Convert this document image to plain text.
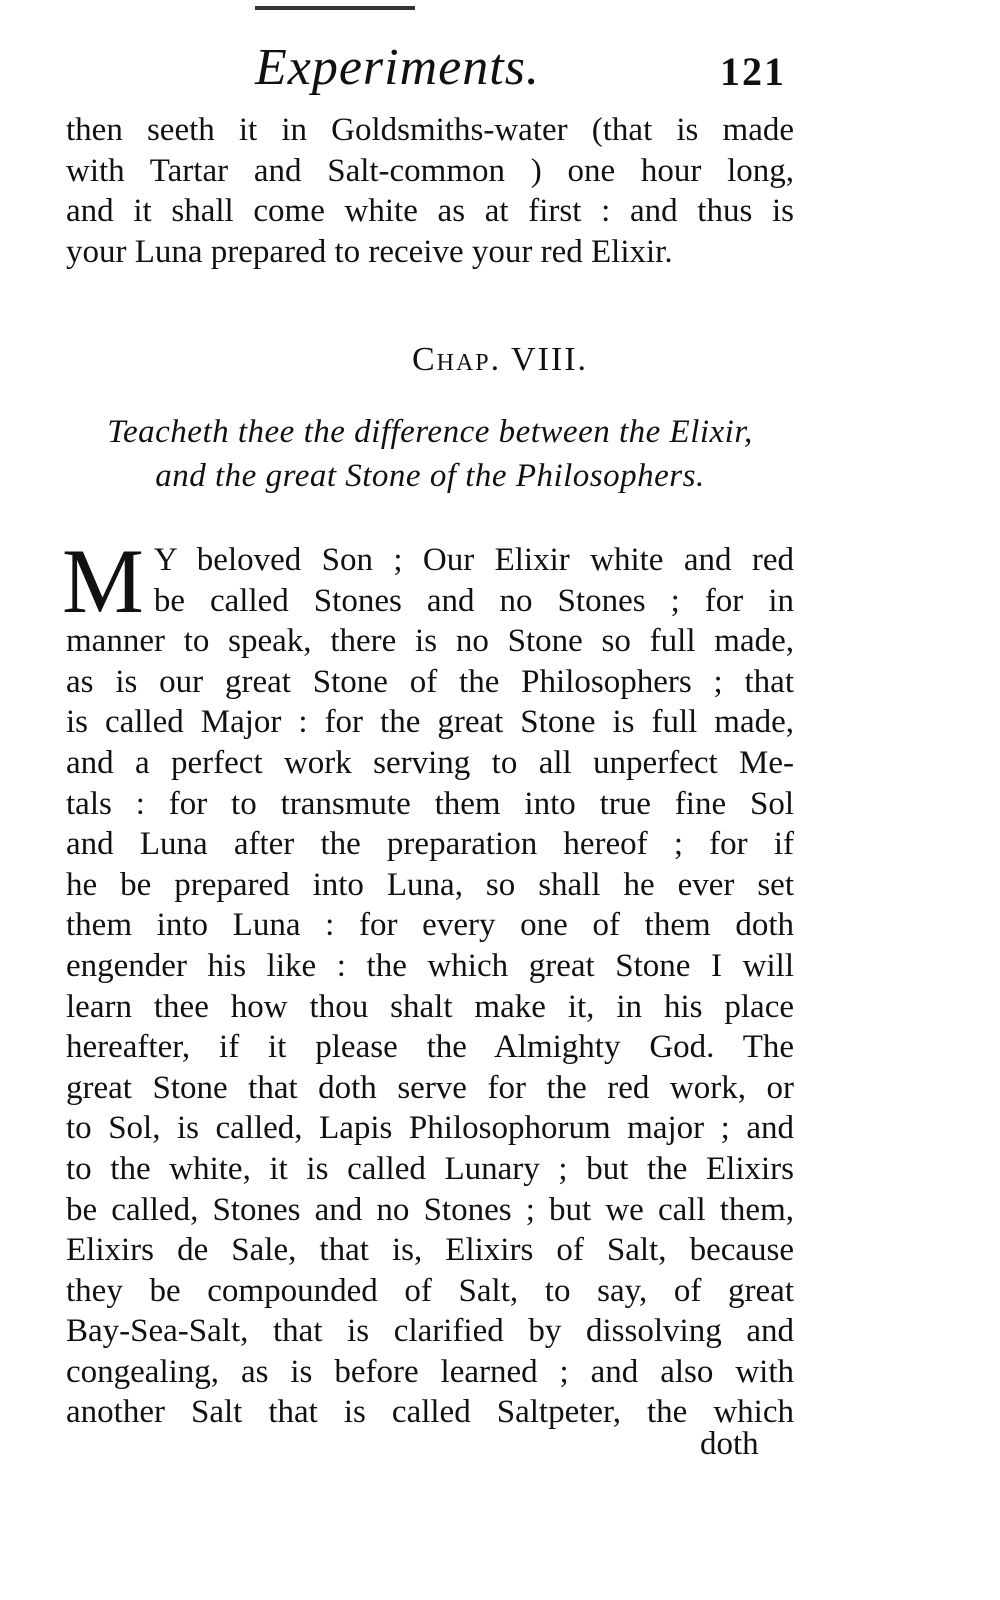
Experiments.	121
then seeth it in Goldsmiths-water (that is made
with Tartar and Salt-common ) one hour long,
and it shall come white as at first : and thus is
your Luna prepared to receive your red Elixir.
Chap. VIII.
Teacheth thee the difference between the Elixir,
and the great Stone of the Philosophers.
M Y beloved Son ; Our Elixir white and red
be called Stones and no Stones ; for in
manner to speak, there is no Stone so full made,
as is our great Stone of the Philosophers ; that
is called Major : for the great Stone is full made,
and a perfect work serving to all unperfect Me-
tals : for to transmute them into true fine Sol
and Luna after the preparation hereof ; for if
he be prepared into Luna, so shall he ever set
them into Luna : for every one of them doth
engender his like : the which great Stone I will
learn thee how thou shalt make it, in his place
hereafter, if it please the Almighty God. The
great Stone that doth serve for the red work, or
to Sol, is called, Lapis Philosophorum major ; and
to the white, it is called Lunary ; but the Elixirs
be called, Stones and no Stones ; but we call them,
Elixirs de Sale, that is, Elixirs of Salt, because
they be compounded of Salt, to say, of great
Bay-Sea-Salt, that is clarified by dissolving and
congealing, as is before learned ; and also with
another Salt that is called Saltpeter, the which
doth
